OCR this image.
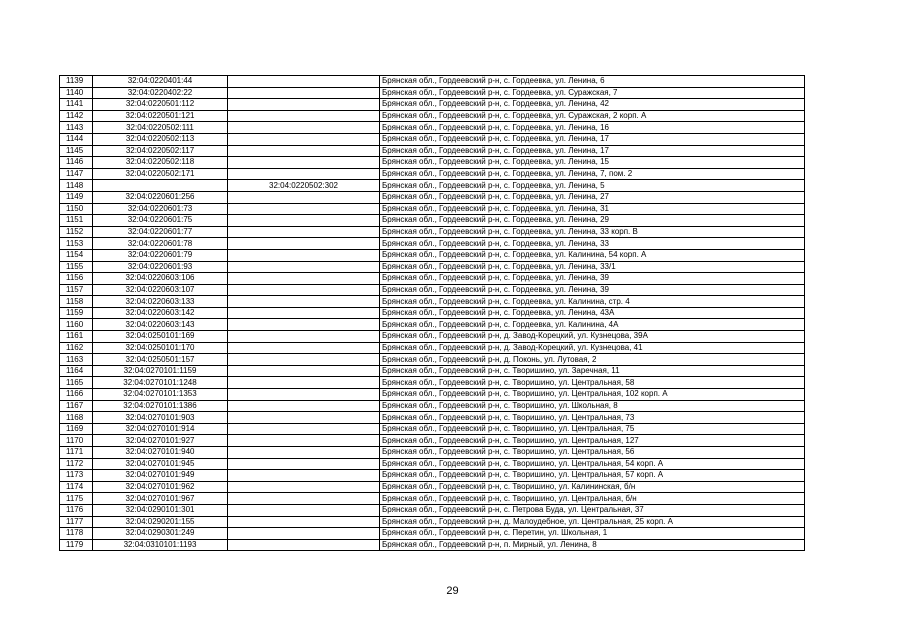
1139	32:04:0220401:44		Брянская обл., Гордеевский р-н, с. Гордеевка, ул. Ленина, 6
1140	32:04:0220402:22		Брянская обл., Гордеевский р-н, с. Гордеевка, ул. Суражская, 7
1141	32:04:0220501:112		Брянская обл., Гордеевский р-н, с. Гордеевка, ул. Ленина, 42
1142	32:04:0220501:121		Брянская обл., Гордеевский р-н, с. Гордеевка, ул. Суражская, 2 корп. А
1143	32:04:0220502:111		Брянская обл., Гордеевский р-н, с. Гордеевка, ул. Ленина, 16
1144	32:04:0220502:113		Брянская обл., Гордеевский р-н, с. Гордеевка, ул. Ленина, 17
1145	32:04:0220502:117		Брянская обл., Гордеевский р-н, с. Гордеевка, ул. Ленина, 17
1146	32:04:0220502:118		Брянская обл., Гордеевский р-н, с. Гордеевка, ул. Ленина, 15
1147	32:04:0220502:171		Брянская обл., Гордеевский р-н, с. Гордеевка, ул. Ленина, 7, пом. 2
1148		32:04:0220502:302	Брянская обл., Гордеевский р-н, с. Гордеевка, ул. Ленина, 5
1149	32:04:0220601:256		Брянская обл., Гордеевский р-н, с. Гордеевка, ул. Ленина, 27
1150	32:04:0220601:73		Брянская обл., Гордеевский р-н, с. Гордеевка, ул. Ленина, 31
1151	32:04:0220601:75		Брянская обл., Гордеевский р-н, с. Гордеевка, ул. Ленина, 29
1152	32:04:0220601:77		Брянская обл., Гордеевский р-н, с. Гордеевка, ул. Ленина, 33 корп. В
1153	32:04:0220601:78		Брянская обл., Гордеевский р-н, с. Гордеевка, ул. Ленина, 33
1154	32:04:0220601:79		Брянская обл., Гордеевский р-н, с. Гордеевка, ул. Калинина, 54 корп. А
1155	32:04:0220601:93		Брянская обл., Гордеевский р-н, с. Гордеевка, ул. Ленина, 33/1
1156	32:04:0220603:106		Брянская обл., Гордеевский р-н, с. Гордеевка, ул. Ленина, 39
1157	32:04:0220603:107		Брянская обл., Гордеевский р-н, с. Гордеевка, ул. Ленина, 39
1158	32:04:0220603:133		Брянская обл., Гордеевский р-н, с. Гордеевка, ул. Калинина, стр. 4
1159	32:04:0220603:142		Брянская обл., Гордеевский р-н, с. Гордеевка, ул. Ленина, 43А
1160	32:04:0220603:143		Брянская обл., Гордеевский р-н, с. Гордеевка, ул. Калинина, 4А
1161	32:04:0250101:169		Брянская обл., Гордеевский р-н, д. Завод-Корецкий, ул. Кузнецова, 39А
1162	32:04:0250101:170		Брянская обл., Гордеевский р-н, д. Завод-Корецкий, ул. Кузнецова, 41
1163	32:04:0250501:157		Брянская обл., Гордеевский р-н, д. Поконь, ул. Лутовая, 2
1164	32:04:0270101:1159		Брянская обл., Гордеевский р-н, с. Творишино, ул. Заречная, 11
1165	32:04:0270101:1248		Брянская обл., Гордеевский р-н, с. Творишино, ул. Центральная, 58
1166	32:04:0270101:1353		Брянская обл., Гордеевский р-н, с. Творишино, ул. Центральная, 102 корп. А
1167	32:04:0270101:1386		Брянская обл., Гордеевский р-н, с. Творишино, ул. Школьная, 8
1168	32:04:0270101:903		Брянская обл., Гордеевский р-н, с. Творишино, ул. Центральная, 73
1169	32:04:0270101:914		Брянская обл., Гордеевский р-н, с. Творишино, ул. Центральная, 75
1170	32:04:0270101:927		Брянская обл., Гордеевский р-н, с. Творишино, ул. Центральная, 127
1171	32:04:0270101:940		Брянская обл., Гордеевский р-н, с. Творишино, ул. Центральная, 56
1172	32:04:0270101:945		Брянская обл., Гордеевский р-н, с. Творишино, ул. Центральная, 54 корп. А
1173	32:04:0270101:949		Брянская обл., Гордеевский р-н, с. Творишино, ул. Центральная, 57 корп. А
1174	32:04:0270101:962		Брянская обл., Гордеевский р-н, с. Творишино, ул. Калининская, б/н
1175	32:04:0270101:967		Брянская обл., Гордеевский р-н, с. Творишино, ул. Центральная, б/н
1176	32:04:0290101:301		Брянская обл., Гордеевский р-н, с. Петрова Буда, ул. Центральная, 37
1177	32:04:0290201:155		Брянская обл., Гордеевский р-н, д. Малоудебное, ул. Центральная, 25 корп. А
1178	32:04:0290301:249		Брянская обл., Гордеевский р-н, с. Перетин, ул. Школьная, 1
1179	32:04:0310101:1193		Брянская обл., Гордеевский р-н, п. Мирный, ул. Ленина, 8
29
